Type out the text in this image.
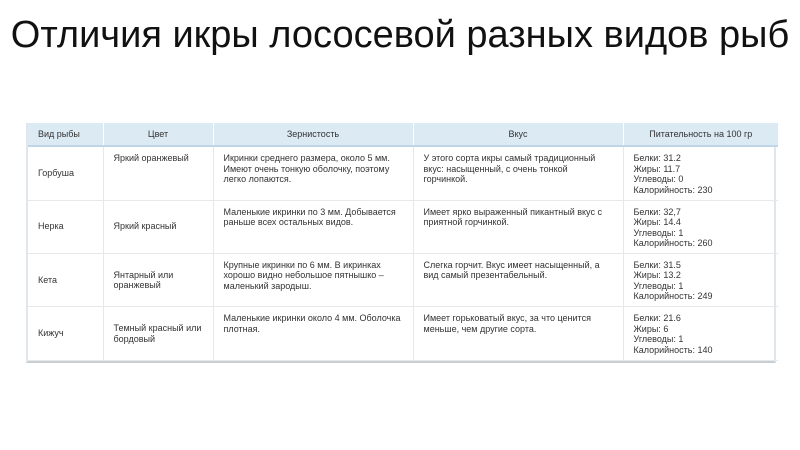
Отличия икры лососевой разных видов рыб
Вид рыбы	Цвет	Зернистость	Вкус	Питательность на 100 гр
Горбуша	Яркий оранжевый	Икринки среднего размера, около 5 мм. Имеют очень тонкую оболочку, поэтому легко лопаются.	У этого сорта икры самый традиционный вкус: насыщенный, с очень тонкой горчинкой.	Белки: 31.2
Жиры: 11.7
Углеводы: 0
Калорийность: 230

Нерка	Яркий красный	Маленькие икринки по 3 мм. Добывается раньше всех остальных видов.	Имеет ярко выраженный пикантный вкус с приятной горчинкой.	Белки: 32,7
Жиры: 14.4
Углеводы: 1
Калорийность: 260

Кета	Янтарный или оранжевый	Крупные икринки по 6 мм. В икринках хорошо видно небольшое пятнышко – маленький зародыш.	Слегка горчит. Вкус имеет насыщенный, а вид самый презентабельный.	Белки: 31.5
Жиры: 13.2
Углеводы: 1
Калорийность: 249

Кижуч	Темный красный или бордовый	Маленькие икринки около 4 мм. Оболочка плотная.	Имеет горьковатый вкус, за что ценится меньше, чем другие сорта.	Белки: 21.6
Жиры: 6
Углеводы: 1
Калорийность: 140
